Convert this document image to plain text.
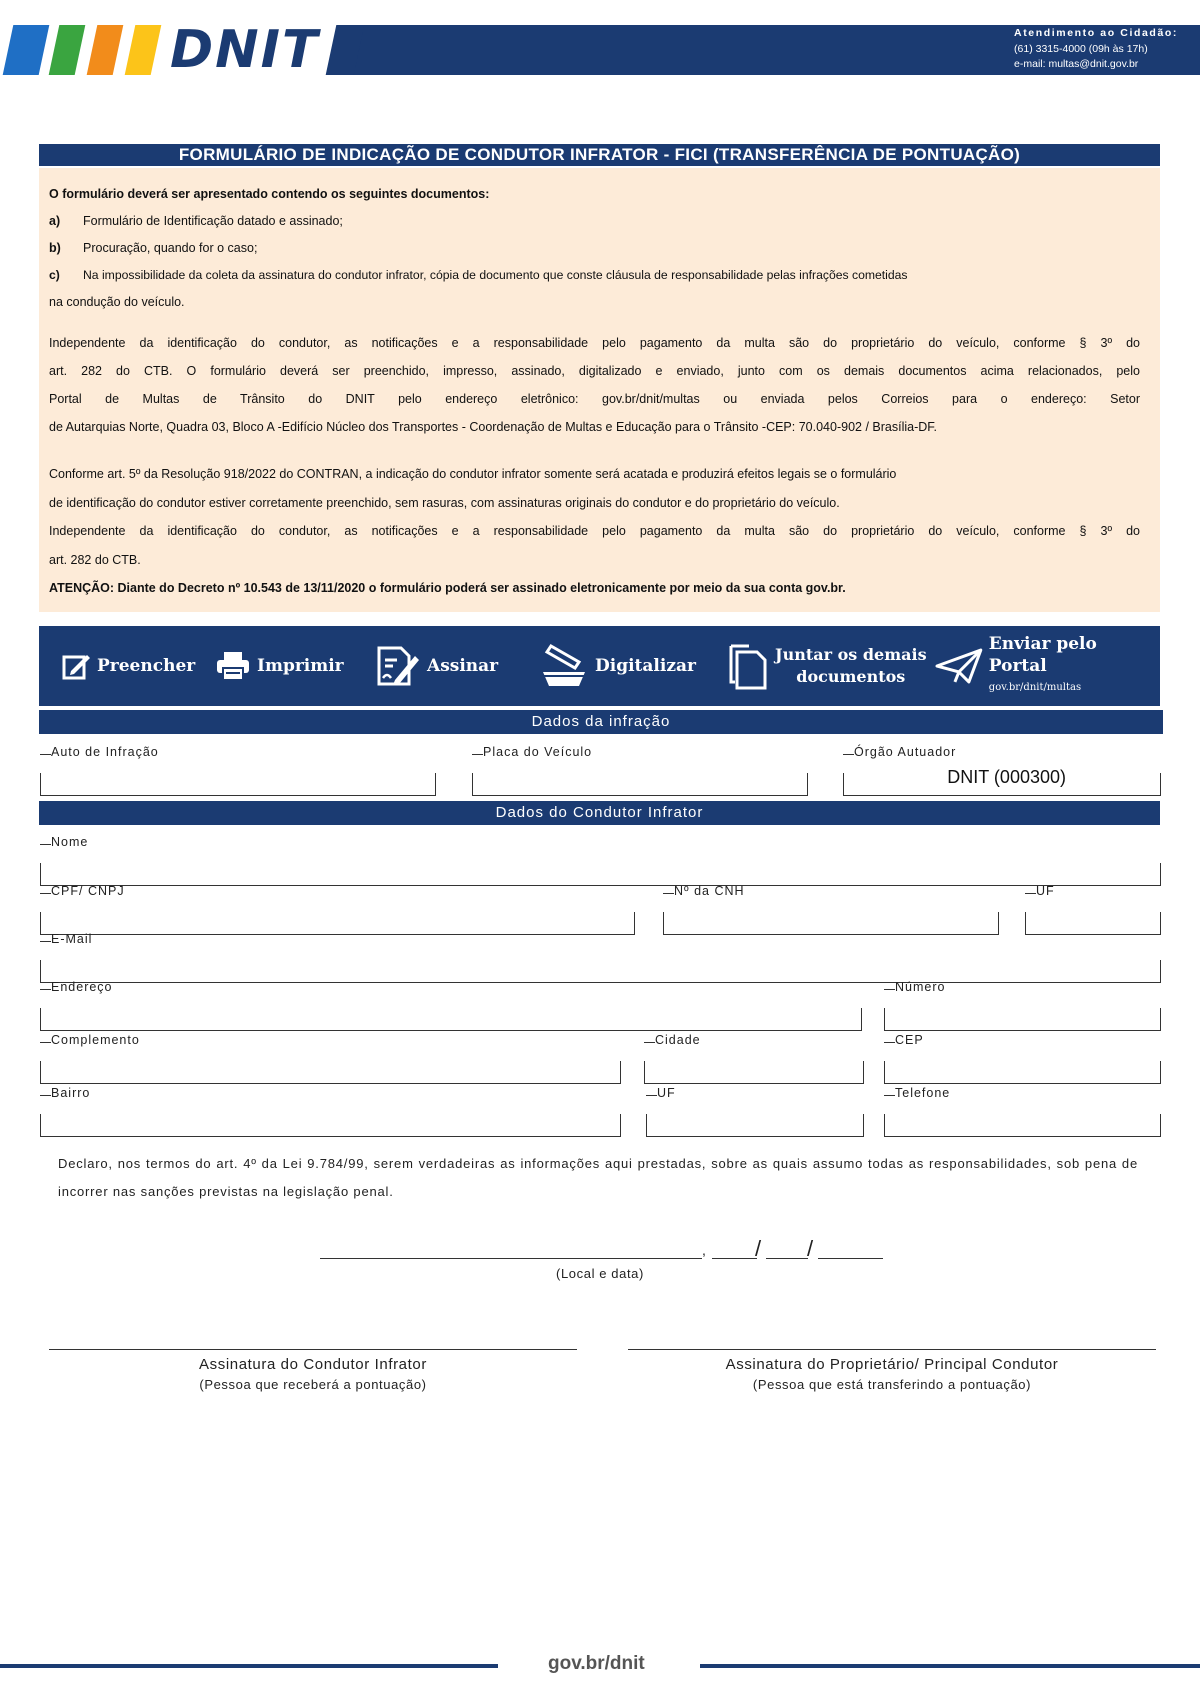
DNIT	Atendimento ao Cidadão:
(61) 3315-4000 (09h às 17h)
e-mail: multas@dnit.gov.br
FORMULÁRIO DE INDICAÇÃO DE CONDUTOR INFRATOR - FICI (TRANSFERÊNCIA DE PONTUAÇÃO)

O formulário deverá ser apresentado contendo os seguintes documentos:

a) Formulário de Identificação datado e assinado;

b) Procuração, quando for o caso;

c) Na impossibilidade da coleta da assinatura do condutor infrator, cópia de documento que conste cláusula de responsabilidade pelas infrações cometidas

na condução do veículo.

Independente da identificação do condutor, as notificações e a responsabilidade pelo pagamento da multa são do proprietário do veículo, conforme § 3º do

art. 282 do CTB. O formulário deverá ser preenchido, impresso, assinado, digitalizado e enviado, junto com os demais documentos acima relacionados, pelo

Portal de Multas de Trânsito do DNIT pelo endereço eletrônico: gov.br/dnit/multas ou enviada pelos Correios para o endereço: Setor

de Autarquias Norte, Quadra 03, Bloco A -Edifício Núcleo dos Transportes - Coordenação de Multas e Educação para o Trânsito -CEP: 70.040-902 / Brasília-DF.

Conforme art. 5º da Resolução 918/2022 do CONTRAN, a indicação do condutor infrator somente será acatada e produzirá efeitos legais se o formulário

de identificação do condutor estiver corretamente preenchido, sem rasuras, com assinaturas originais do condutor e do proprietário do veículo.

Independente da identificação do condutor, as notificações e a responsabilidade pelo pagamento da multa são do proprietário do veículo, conforme § 3º do

art. 282 do CTB.

ATENÇÃO: Diante do Decreto nº 10.543 de 13/11/2020 o formulário poderá ser assinado eletronicamente por meio da sua conta gov.br.

Preencher	Imprimir	Assinar	Digitalizar
Juntar os demais
documentos
Enviar pelo Portal
gov.br/dnit/multas
Dados da infração
Auto de Infração	Placa do Veículo	Órgão Autuador
DNIT (000300)
Dados do Condutor Infrator
Nome
CPF/ CNPJ	Nº da CNH	UF
E-Mail
Endereço	Número
Complemento	Cidade	CEP
Bairro	UF	Telefone
Declaro, nos termos do art. 4º da Lei 9.784/99, serem verdadeiras as informações aqui prestadas, sobre as quais assumo todas as responsabilidades, sob pena de incorrer nas sanções previstas na legislação penal.
, / /
(Local e data)
Assinatura do Condutor Infrator
(Pessoa que receberá a pontuação)
Assinatura do Proprietário/ Principal Condutor
(Pessoa que está transferindo a pontuação)
gov.br/dnit
